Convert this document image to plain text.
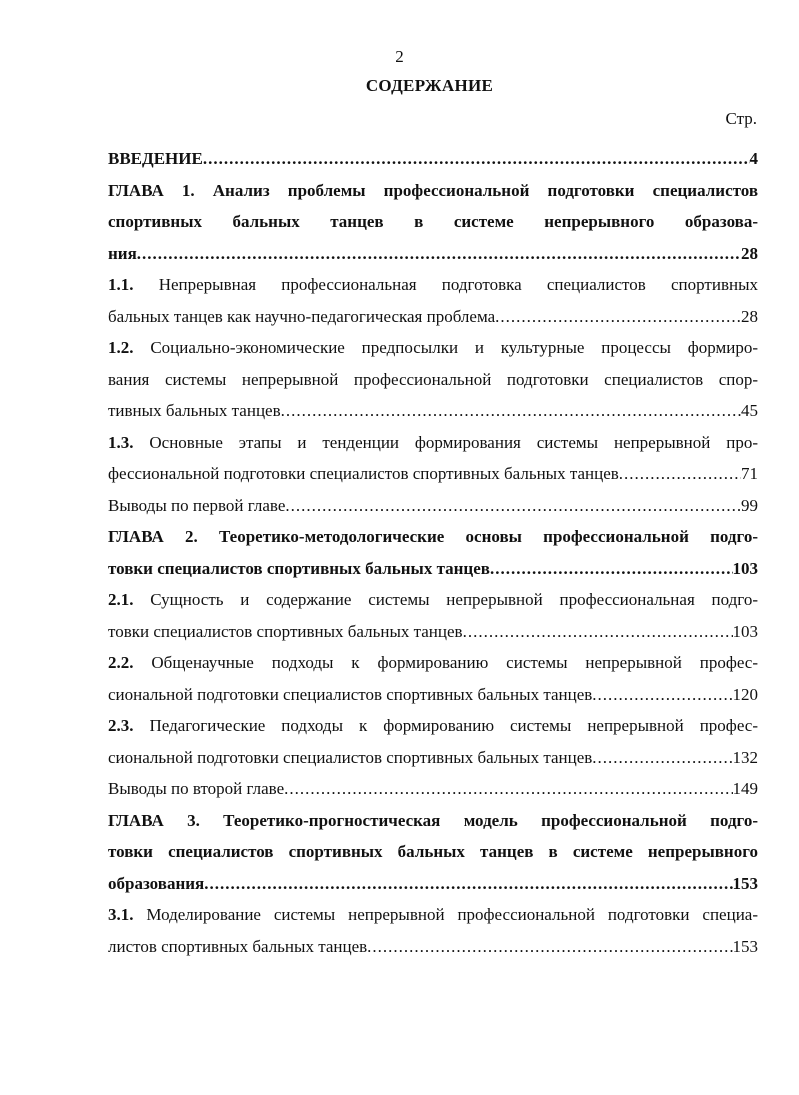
2
СОДЕРЖАНИЕ
Стр.
ВВЕДЕНИЕ .....	4
ГЛАВА 1. Анализ проблемы профессиональной подготовки специалистов
спортивных бальных танцев в системе непрерывного образова-
ния .....	28
1.1. Непрерывная профессиональная подготовка специалистов спортивных
бальных танцев как научно-педагогическая проблема .....	28
1.2. Социально-экономические предпосылки и культурные процессы формиро-
вания системы непрерывной профессиональной подготовки специалистов спор-
тивных бальных танцев .....	45
1.3. Основные этапы и тенденции формирования системы непрерывной про-
фессиональной подготовки специалистов спортивных бальных танцев .....	71
Выводы по первой главе .....	99
ГЛАВА 2. Теоретико-методологические основы профессиональной подго-
товки специалистов спортивных бальных танцев .....	103
2.1. Сущность и содержание системы непрерывной профессиональная подго-
товки специалистов спортивных бальных танцев .....	103
2.2. Общенаучные подходы к формированию системы непрерывной профес-
сиональной подготовки специалистов спортивных бальных танцев .....	120
2.3. Педагогические подходы к формированию системы непрерывной профес-
сиональной подготовки специалистов спортивных бальных танцев .....	132
Выводы по второй главе .....	149
ГЛАВА 3. Теоретико-прогностическая модель профессиональной подго-
товки специалистов спортивных бальных танцев в системе непрерывного
образования .....	153
3.1. Моделирование системы непрерывной профессиональной подготовки специа-
листов спортивных бальных танцев .....	153
